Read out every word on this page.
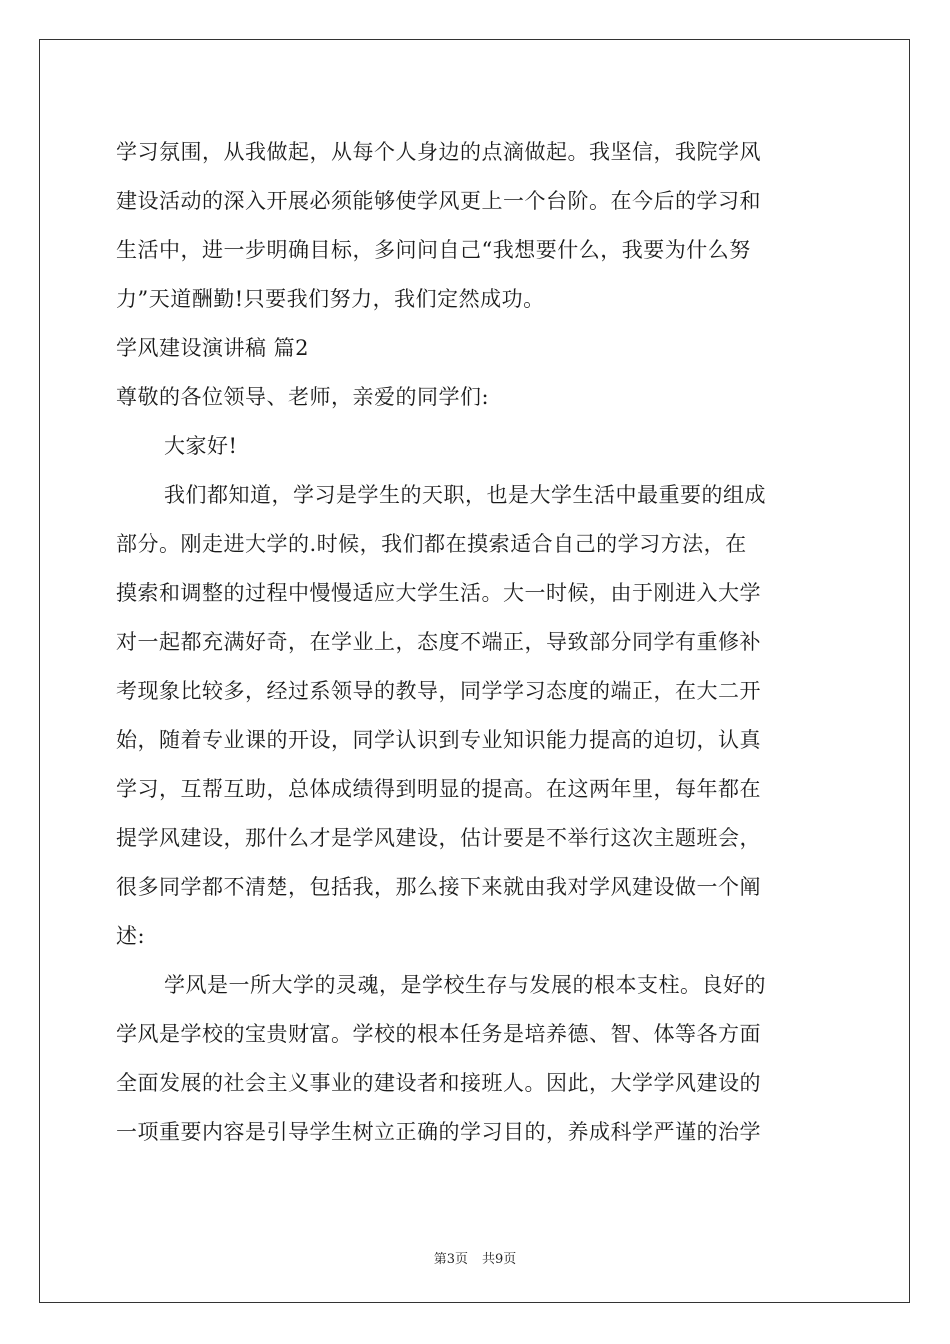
学习氛围，从我做起，从每个人身边的点滴做起。我坚信，我院学风
建设活动的深入开展必须能够使学风更上一个台阶。在今后的学习和
生活中，进一步明确目标，多问问自己“我想要什么，我要为什么努
力”天道酬勤!只要我们努力，我们定然成功。
学风建设演讲稿 篇2
尊敬的各位领导、老师，亲爱的同学们:
大家好!
我们都知道，学习是学生的天职，也是大学生活中最重要的组成
部分。刚走进大学的.时候，我们都在摸索适合自己的学习方法，在
摸索和调整的过程中慢慢适应大学生活。大一时候，由于刚进入大学
对一起都充满好奇，在学业上，态度不端正，导致部分同学有重修补
考现象比较多，经过系领导的教导，同学学习态度的端正，在大二开
始，随着专业课的开设，同学认识到专业知识能力提高的迫切，认真
学习，互帮互助，总体成绩得到明显的提高。在这两年里，每年都在
提学风建设，那什么才是学风建设，估计要是不举行这次主题班会，
很多同学都不清楚，包括我，那么接下来就由我对学风建设做一个阐
述:
学风是一所大学的灵魂，是学校生存与发展的根本支柱。良好的
学风是学校的宝贵财富。学校的根本任务是培养德、智、体等各方面
全面发展的社会主义事业的建设者和接班人。因此，大学学风建设的
一项重要内容是引导学生树立正确的学习目的，养成科学严谨的治学
第3页 共9页
